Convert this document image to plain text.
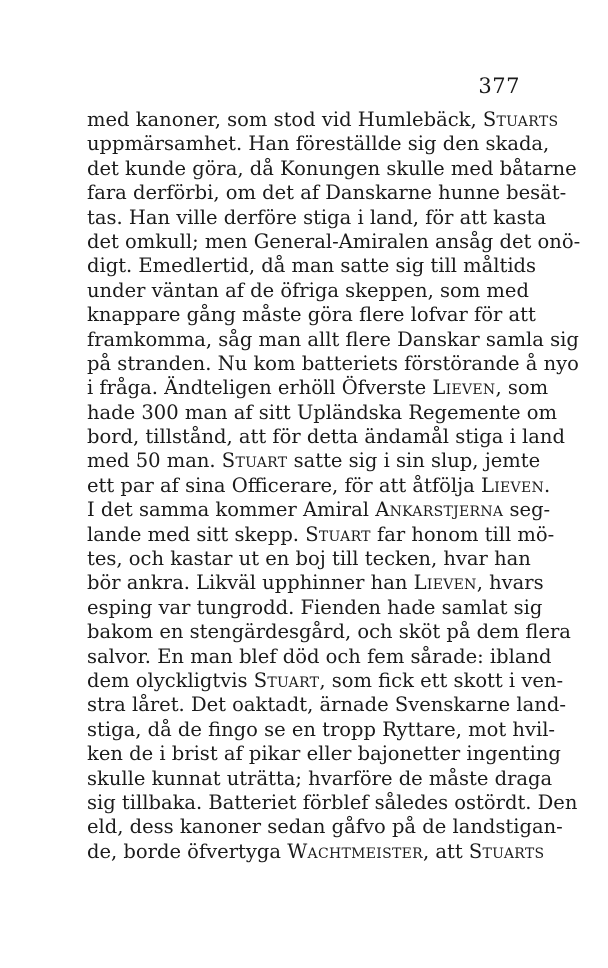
377
med kanoner, som stod vid Humlebäck, Stuarts
uppmärsamhet. Han föreställde sig den skada,
det kunde göra, då Konungen skulle med båtarne
fara derförbi, om det af Danskarne hunne besät-
tas. Han ville derföre stiga i land, för att kasta
det omkull; men General-Amiralen ansåg det onö-
digt. Emedlertid, då man satte sig till måltids
under väntan af de öfriga skeppen, som med
knappare gång måste göra flere lofvar för att
framkomma, såg man allt flere Danskar samla sig
på stranden. Nu kom batteriets förstörande å nyo
i fråga. Ändteligen erhöll Öfverste Lieven, som
hade 300 man af sitt Upländska Regemente om
bord, tillstånd, att för detta ändamål stiga i land
med 50 man. Stuart satte sig i sin slup, jemte
ett par af sina Officerare, för att åtfölja Lieven.
I det samma kommer Amiral Ankarstjerna seg-
lande med sitt skepp. Stuart far honom till mö-
tes, och kastar ut en boj till tecken, hvar han
bör ankra. Likväl upphinner han Lieven, hvars
esping var tungrodd. Fienden hade samlat sig
bakom en stengärdesgård, och sköt på dem flera
salvor. En man blef död och fem sårade: ibland
dem olyckligtvis Stuart, som fick ett skott i ven-
stra låret. Det oaktadt, ärnade Svenskarne land-
stiga, då de fingo se en tropp Ryttare, mot hvil-
ken de i brist af pikar eller bajonetter ingenting
skulle kunnat uträtta; hvarföre de måste draga
sig tillbaka. Batteriet förblef således ostördt. Den
eld, dess kanoner sedan gåfvo på de landstigan-
de, borde öfvertyga Wachtmeister, att Stuarts
